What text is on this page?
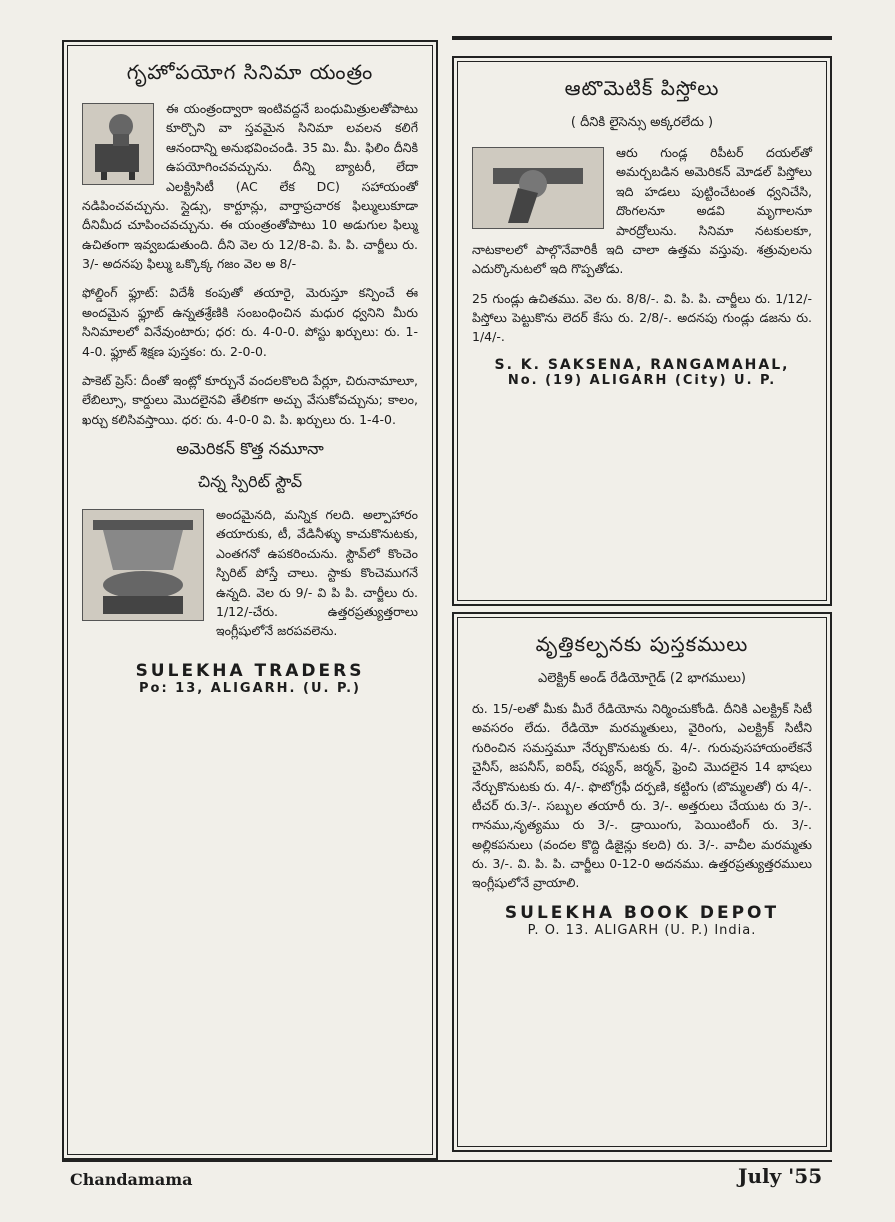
గృహోపయోగ సినిమా యంత్రం

ఈ యంత్రంద్వారా ఇంటివద్దనే బంధుమిత్రులతోపాటు కూర్చొని వా స్తవమైన సినిమా లవలన కలిగే ఆనందాన్ని అనుభవించండి. 35 మి. మీ. ఫిలిం దీనికి ఉపయోగించవచ్చును. దీన్ని బ్యాటరీ, లేదా ఎలక్ట్రిసిటీ (AC లేక DC) సహాయంతో నడిపించవచ్చును. స్లైడ్సు, కార్టూన్లు, వార్తాప్రచారక ఫిల్ములుకూడా దీనిమీద చూపించవచ్చును. ఈ యంత్రంతోపాటు 10 అడుగుల ఫిల్ము ఉచితంగా ఇవ్వబడుతుంది. దీని వెల రు 12/8-వి. పి. పి. చార్జీలు రు. 3/- అదనపు ఫిల్ము ఒక్కొక్క గజం వెల అ 8/-

ఫోల్డింగ్ ఫ్లూట్: విదేశీ కంపుతో తయారై, మెరుస్తూ కన్పించే ఈ అందమైన ఫ్లూట్ ఉన్నతశ్రేణికి సంబంధించిన మధుర ధ్వనిని మీరు సినిమాలలో వినేవుంటారు; ధర: రు. 4-0-0. పోస్టు ఖర్చులు: రు. 1-4-0. ఫ్లూట్ శిక్షణ పుస్తకం: రు. 2-0-0.

పాకెట్ ప్రెస్: దీంతో ఇంట్లో కూర్చునే వందలకొలది పేర్లూ, చిరునామాలూ, లేబిల్సూ, కార్డులు మొదలైనవి తేలికగా అచ్చు వేసుకోవచ్చును; కాలం, ఖర్చు కలిసివస్తాయి. ధర: రు. 4-0-0 వి. పి. ఖర్చులు రు. 1-4-0.

అమెరికన్ కొత్త నమూనా
చిన్న స్పిరిట్ స్టౌవ్

అందమైనది, మన్నిక గలది. అల్పాహారం తయారుకు, టీ, వేడినీళ్ళు కాచుకొనుటకు, ఎంతగనో ఉపకరించును. స్టౌవ్‌లో కొంచెం స్పిరిట్ పోస్తే చాలు. స్టాకు కొంచెముగనే ఉన్నది. వెల రు 9/- వి పి పి. చార్జీలు రు. 1/12/-చేరు. ఉత్తరప్రత్యుత్తరాలు ఇంగ్లీషులోనే జరపవలెను.

SULEKHA TRADERS
Po: 13, ALIGARH. (U. P.)
ఆటొమెటిక్ పిస్తోలు
( దీనికి లైసెన్సు అక్కరలేదు )

ఆరు గుండ్ల రిపీటర్ దయల్‌తో అమర్చబడిన అమెరికన్ మోడల్ పిస్తోలు ఇది హడలు పుట్టించేటంత ధ్వనిచేసి, దొంగలనూ అడవి మృగాలనూ పారద్రోలును. సినిమా నటకులకూ, నాటకాలలో పాల్గొనేవారికీ ఇది చాలా ఉత్తమ వస్తువు. శత్రువులను ఎదుర్కొనుటలో ఇది గొప్పతోడు.

25 గుండ్లు ఉచితము. వెల రు. 8/8/-. వి. పి. పి. చార్జీలు రు. 1/12/- పిస్తోలు పెట్టుకొను లెదర్ కేసు రు. 2/8/-. అదనపు గుండ్లు డజను రు. 1/4/-.

S. K. SAKSENA, RANGAMAHAL,
No. (19) ALIGARH (City) U. P.
వృత్తికల్పనకు పుస్తకములు
ఎలెక్ట్రిక్ అండ్ రేడియోగైడ్ (2 భాగములు)

రు. 15/-లతో మీకు మీరే రేడియోను నిర్మించుకోండి. దీనికి ఎలక్ట్రిక్ సిటీ అవసరం లేదు. రేడియో మరమ్మతులు, వైరింగు, ఎలక్ట్రిక్ సిటీని గురించిన సమస్తమూ నేర్చుకొనుటకు రు. 4/-. గురువుసహాయంలేకనే చైనీస్, జపనీస్, ఐరిష్, రష్యన్, జర్మన్, ఫ్రెంచి మొదలైన 14 భాషలు నేర్చుకొనుటకు రు. 4/-. ఫొటోగ్రఫీ దర్పణి, కట్టింగు (బొమ్మలతో) రు 4/-. టీచర్ రు.3/-. సబ్బుల తయారీ రు. 3/-. అత్తరులు చేయుట రు 3/-. గానము,నృత్యము రు 3/-. డ్రాయింగు, పెయింటింగ్ రు. 3/-. అల్లికపనులు (వందల కొద్ది డిజైన్లు కలది) రు. 3/-. వాచీల మరమ్మతు రు. 3/-. వి. పి. పి. చార్జీలు 0-12-0 అదనము. ఉత్తరప్రత్యుత్తరములు ఇంగ్లీషులోనే వ్రాయాలి.

SULEKHA BOOK DEPOT
P. O. 13. ALIGARH (U. P.) India.
Chandamama	July '55
